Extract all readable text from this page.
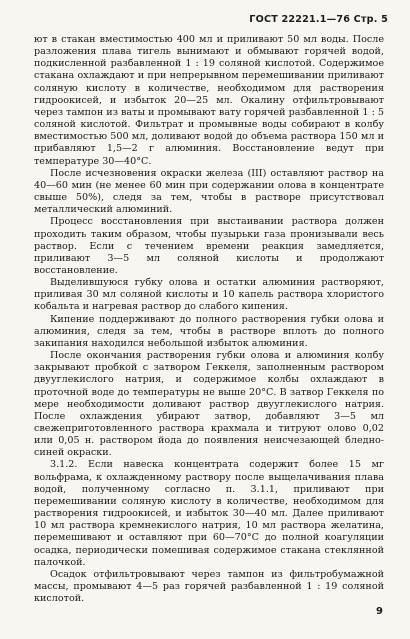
ГОСТ 22221.1—76 Стр. 5

ют в стакан вместимостью 400 мл и приливают 50 мл воды. После разложения плава тигель вынимают и обмывают горячей водой, подкисленной разбавленной 1 : 19 соляной кислотой. Содержимое стакана охлаждают и при непрерывном перемешивании приливают соляную кислоту в количестве, необходимом для растворения гидроокисей, и избыток 20—25 мл. Окалину отфильтровывают через тампон из ваты и промывают вату горячей разбавленной 1 : 5 соляной кислотой. Фильтрат и промывные воды собирают в колбу вместимостью 500 мл, доливают водой до объема раствора 150 мл и прибавляют 1,5—2 г алюминия. Восстановление ведут при температуре 30—40°С.

После исчезновения окраски железа (III) оставляют раствор на 40—60 мин (не менее 60 мин при содержании олова в концентрате свыше 50%), следя за тем, чтобы в растворе присутствовал металлический алюминий.

Процесс восстановления при выстаивании раствора должен проходить таким образом, чтобы пузырьки газа пронизывали весь раствор. Если с течением времени реакция замедляется, приливают 3—5 мл соляной кислоты и продолжают восстановление.

Выделившуюся губку олова и остатки алюминия растворяют, приливая 30 мл соляной кислоты и 10 капель раствора хлористого кобальта и нагревая раствор до слабого кипения.

Кипение поддерживают до полного растворения губки олова и алюминия, следя за тем, чтобы в растворе вплоть до полного закипания находился небольшой избыток алюминия.

После окончания растворения губки олова и алюминия колбу закрывают пробкой с затвором Геккеля, заполненным раствором двууглекислого натрия, и содержимое колбы охлаждают в проточной воде до температуры не выше 20°С. В затвор Геккеля по мере необходимости доливают раствор двууглекислого натрия. После охлаждения убирают затвор, добавляют 3—5 мл свежеприготовленного раствора крахмала и титруют олово 0,02 или 0,05 н. раствором йода до появления неисчезающей бледно-синей окраски.

3.1.2. Если навеска концентрата содержит более 15 мг вольфрама, к охлажденному раствору после выщелачивания плава водой, полученному согласно п. 3.1.1, приливают при перемешивании соляную кислоту в количестве, необходимом для растворения гидроокисей, и избыток 30—40 мл. Далее приливают 10 мл раствора кремнекислого натрия, 10 мл раствора желатина, перемешивают и оставляют при 60—70°С до полной коагуляции осадка, периодически помешивая содержимое стакана стеклянной палочкой.

Осадок отфильтровывают через тампон из фильтробумажной массы, промывают 4—5 раз горячей разбавленной 1 : 19 соляной кислотой.

9
